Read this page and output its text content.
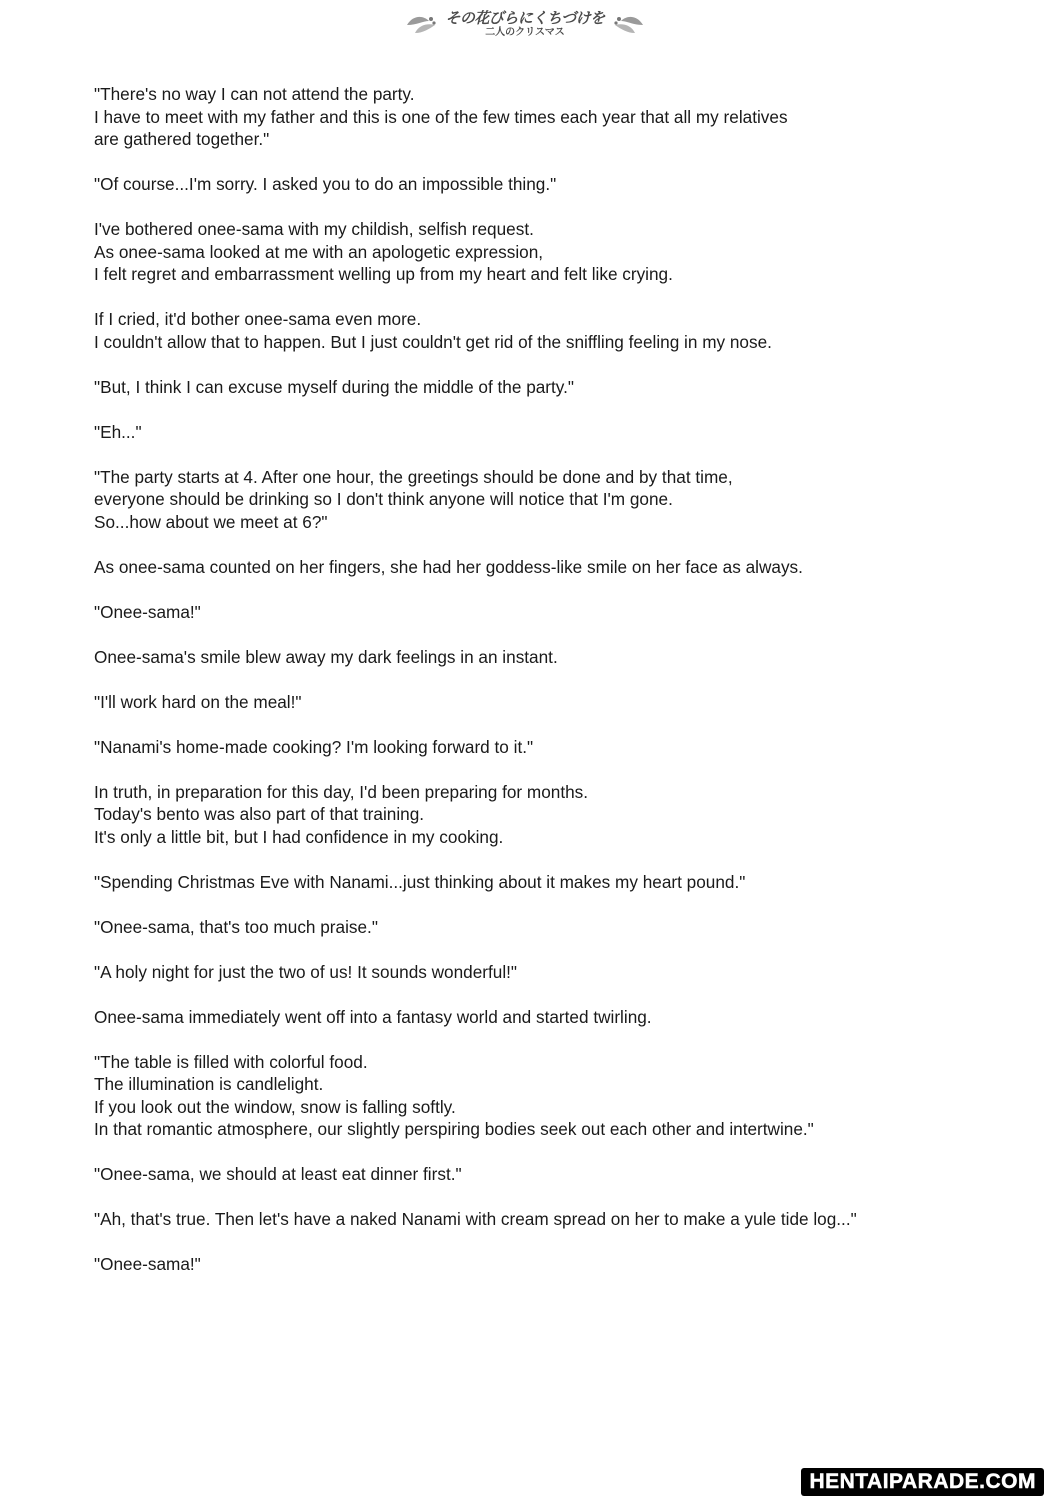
その花びらにくちづけを
二人のクリスマス
"There's no way I can not attend the party.
I have to meet with my father and this is one of the few times each year that all my relatives
are gathered together."
"Of course...I'm sorry. I asked you to do an impossible thing."
I've bothered onee-sama with my childish, selfish request.
As onee-sama looked at me with an apologetic expression,
I felt regret and embarrassment welling up from my heart and felt like crying.
If I cried, it'd bother onee-sama even more.
I couldn't allow that to happen. But I just couldn't get rid of the sniffling feeling in my nose.
"But, I think I can excuse myself during the middle of the party."
"Eh..."
"The party starts at 4. After one hour, the greetings should be done and by that time,
everyone should be drinking so I don't think anyone will notice that I'm gone.
So...how about we meet at 6?"
As onee-sama counted on her fingers, she had her goddess-like smile on her face as always.
"Onee-sama!"
Onee-sama's smile blew away my dark feelings in an instant.
"I'll work hard on the meal!"
"Nanami's home-made cooking? I'm looking forward to it."
In truth, in preparation for this day, I'd been preparing for months.
Today's bento was also part of that training.
It's only a little bit, but I had confidence in my cooking.
"Spending Christmas Eve with Nanami...just thinking about it makes my heart pound."
"Onee-sama, that's too much praise."
"A holy night for just the two of us! It sounds wonderful!"
Onee-sama immediately went off into a fantasy world and started twirling.
"The table is filled with colorful food.
The illumination is candlelight.
If you look out the window, snow is falling softly.
In that romantic atmosphere, our slightly perspiring bodies seek out each other and intertwine."
"Onee-sama, we should at least eat dinner first."
"Ah, that's true. Then let's have a naked Nanami with cream spread on her to make a yule tide log..."
"Onee-sama!"
HENTAIPARADE.COM
